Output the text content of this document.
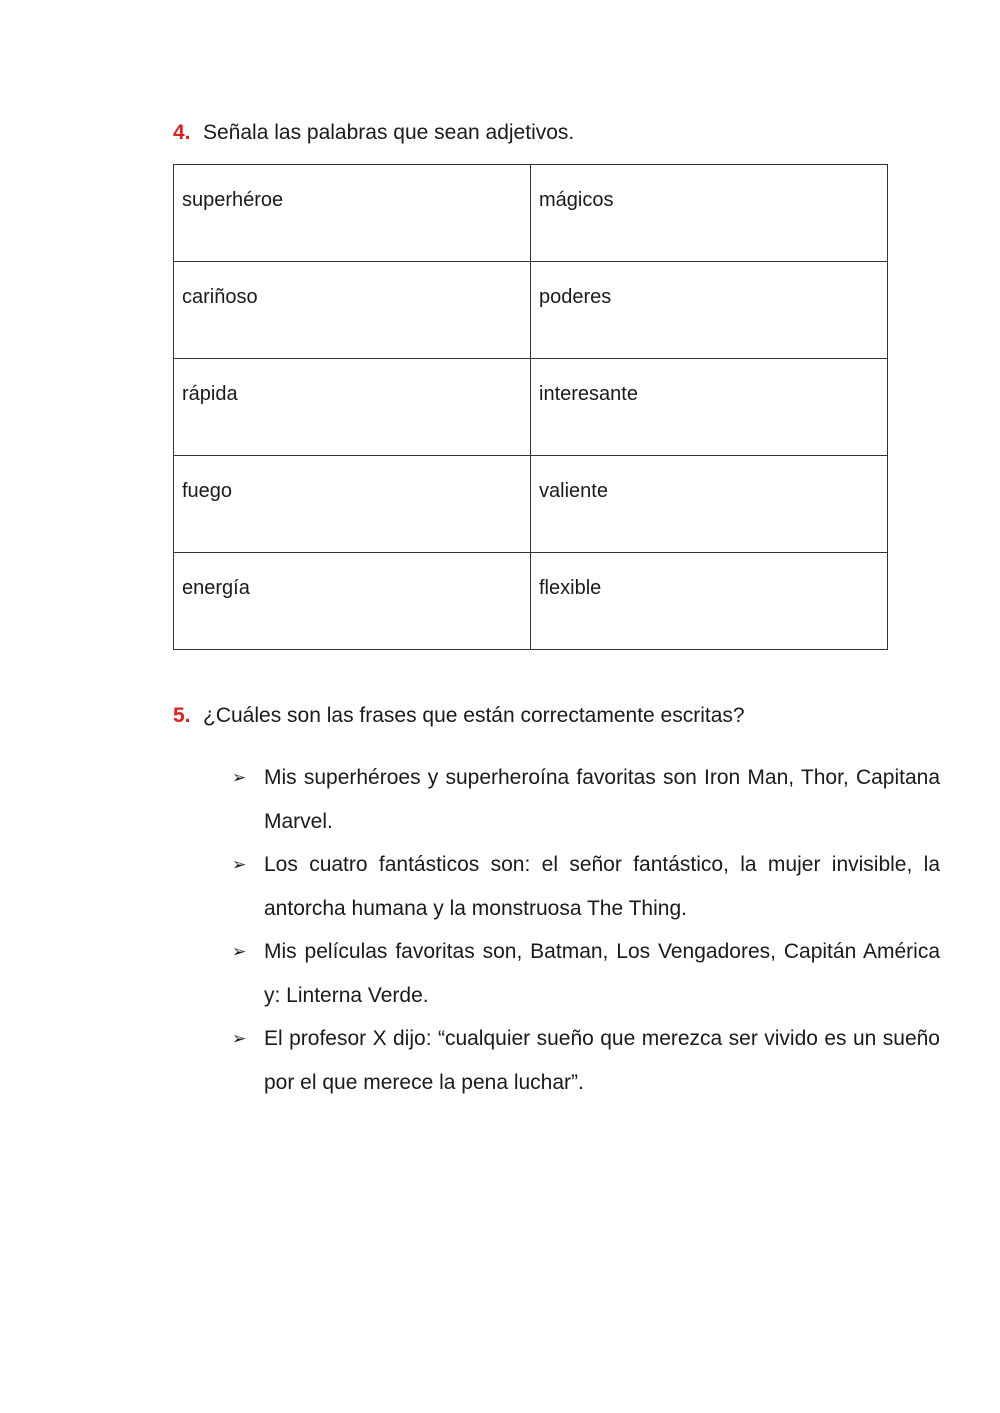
4. Señala las palabras que sean adjetivos.
superhéroe	mágicos
cariñoso	poderes
rápida	interesante
fuego	valiente
energía	flexible
5. ¿Cuáles son las frases que están correctamente escritas?
➢ Mis superhéroes y superheroína favoritas son Iron Man, Thor, Capitana Marvel.
➢ Los cuatro fantásticos son: el señor fantástico, la mujer invisible, la antorcha humana y la monstruosa The Thing.
➢ Mis películas favoritas son, Batman, Los Vengadores, Capitán América y: Linterna Verde.
➢ El profesor X dijo: “cualquier sueño que merezca ser vivido es un sueño por el que merece la pena luchar”.
